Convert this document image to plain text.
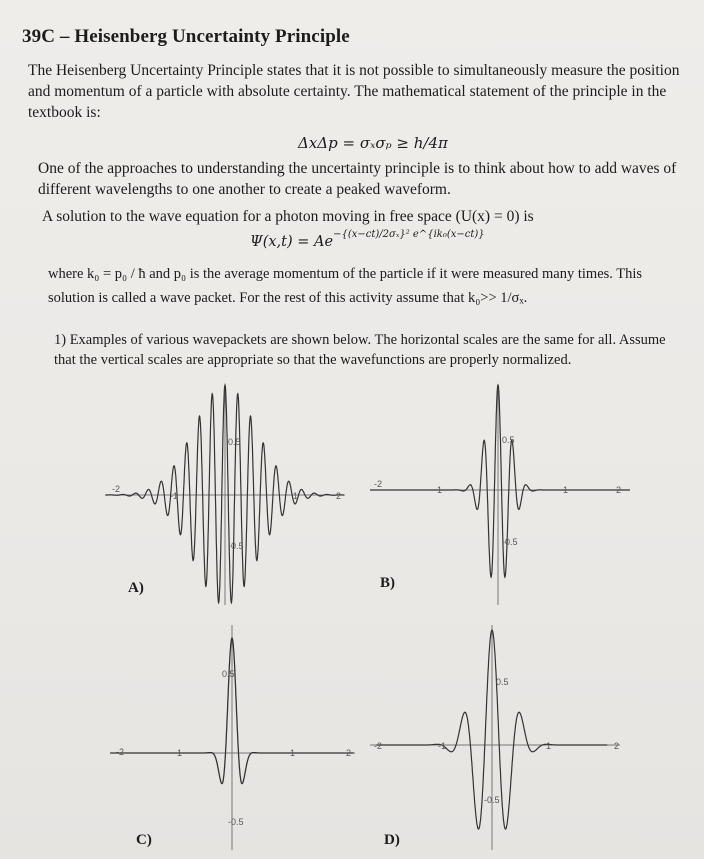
39C – Heisenberg Uncertainty Principle
The Heisenberg Uncertainty Principle states that it is not possible to simultaneously measure the position and momentum of a particle with absolute certainty. The mathematical statement of the principle in the textbook is:
ΔxΔp = σₓσₚ ≥ h/4π
One of the approaches to understanding the uncertainty principle is to think about how to add waves of different wavelengths to one another to create a peaked waveform.
A solution to the wave equation for a photon moving in free space (U(x) = 0) is
$\Psi(x,t) = Ae^{-\{(x-ct)/2\sigma_x\}^2 e\^{}\{ik_0(x-ct)\}}$
where k₀ = p₀ / ħ and p₀ is the average momentum of the particle if it were measured many times. This solution is called a wave packet. For the rest of this activity assume that k₀>> 1/σₓ.
1) Examples of various wavepackets are shown below. The horizontal scales are the same for all. Assume that the vertical scales are appropriate so that the wavefunctions are properly normalized.
-2
-1	1	2
0.5
-0.5
A)
-2
-1	1	2
0.5
-0.5
B)
-2	-1	1	2
0.5
-0.5
C)
-2	-1	1	2
0.5
-0.5
D)
